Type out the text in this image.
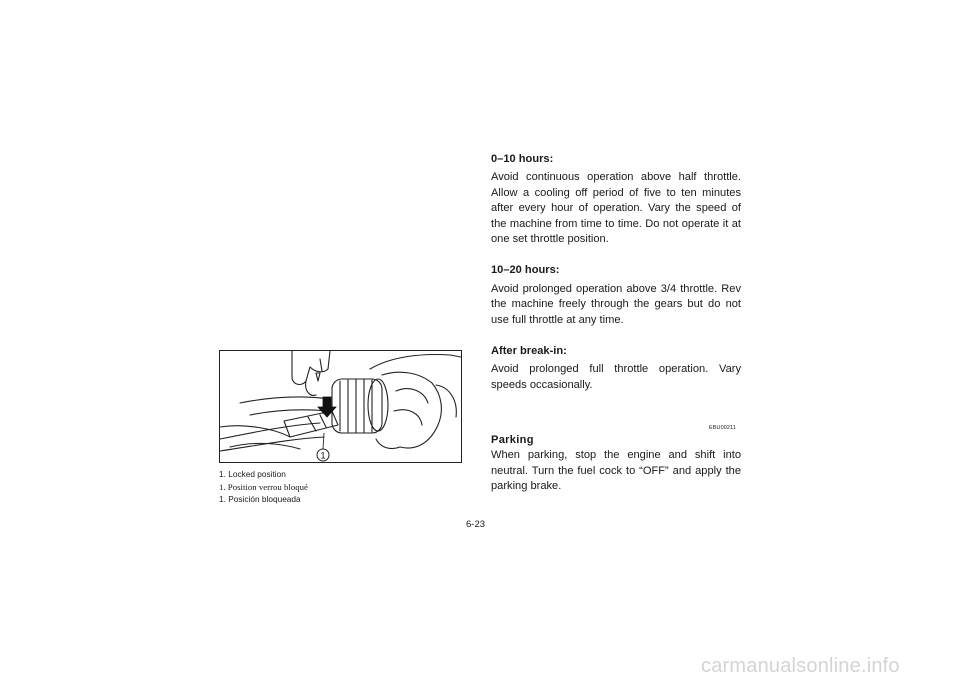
1
1. Locked position
1. Position verrou bloqué
1. Posición bloqueada

0–10 hours:

Avoid continuous operation above half throttle. Allow a cooling off period of five to ten minutes after every hour of operation. Vary the speed of the machine from time to time. Do not operate it at one set throttle position.

10–20 hours:

Avoid prolonged operation above 3/4 throttle. Rev the machine freely through the gears but do not use full throttle at any time.

After break-in:

Avoid prolonged full throttle operation. Vary speeds occasionally.

EBU00211

Parking

When parking, stop the engine and shift into neutral. Turn the fuel cock to “OFF” and apply the parking brake.

6-23
carmanualsonline.info
